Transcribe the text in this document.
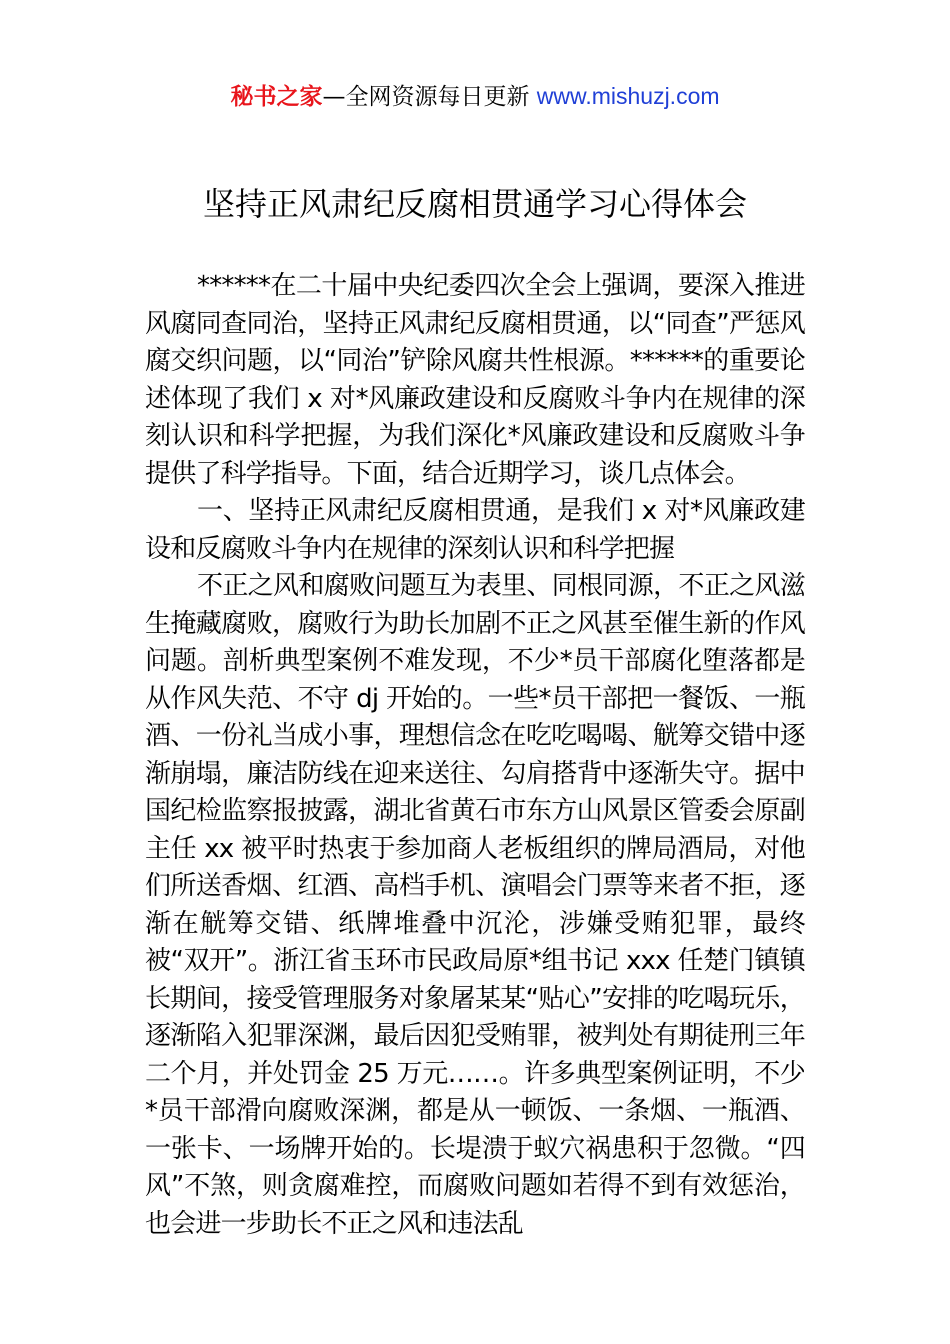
秘书之家—全网资源每日更新 www.mishuzj.com
坚持正风肃纪反腐相贯通学习心得体会

******在二十届中央纪委四次全会上强调，要深入推进风腐同查同治，坚持正风肃纪反腐相贯通，以“同查”严惩风腐交织问题，以“同治”铲除风腐共性根源。******的重要论述体现了我们 x 对*风廉政建设和反腐败斗争内在规律的深刻认识和科学把握，为我们深化*风廉政建设和反腐败斗争提供了科学指导。下面，结合近期学习，谈几点体会。

一、坚持正风肃纪反腐相贯通，是我们 x 对*风廉政建设和反腐败斗争内在规律的深刻认识和科学把握

不正之风和腐败问题互为表里、同根同源，不正之风滋生掩藏腐败，腐败行为助长加剧不正之风甚至催生新的作风问题。剖析典型案例不难发现，不少*员干部腐化堕落都是从作风失范、不守 dj 开始的。一些*员干部把一餐饭、一瓶酒、一份礼当成小事，理想信念在吃吃喝喝、觥筹交错中逐渐崩塌，廉洁防线在迎来送往、勾肩搭背中逐渐失守。据中国纪检监察报披露，湖北省黄石市东方山风景区管委会原副主任 xx 被平时热衷于参加商人老板组织的牌局酒局，对他们所送香烟、红酒、高档手机、演唱会门票等来者不拒，逐渐在觥筹交错、纸牌堆叠中沉沦，涉嫌受贿犯罪，最终被“双开”。浙江省玉环市民政局原*组书记 xxx 任楚门镇镇长期间，接受管理服务对象屠某某“贴心”安排的吃喝玩乐，逐渐陷入犯罪深渊，最后因犯受贿罪，被判处有期徒刑三年二个月，并处罚金 25 万元……。许多典型案例证明，不少*员干部滑向腐败深渊，都是从一顿饭、一条烟、一瓶酒、一张卡、一场牌开始的。长堤溃于蚁穴祸患积于忽微。“四风”不煞，则贪腐难控，而腐败问题如若得不到有效惩治，也会进一步助长不正之风和违法乱
